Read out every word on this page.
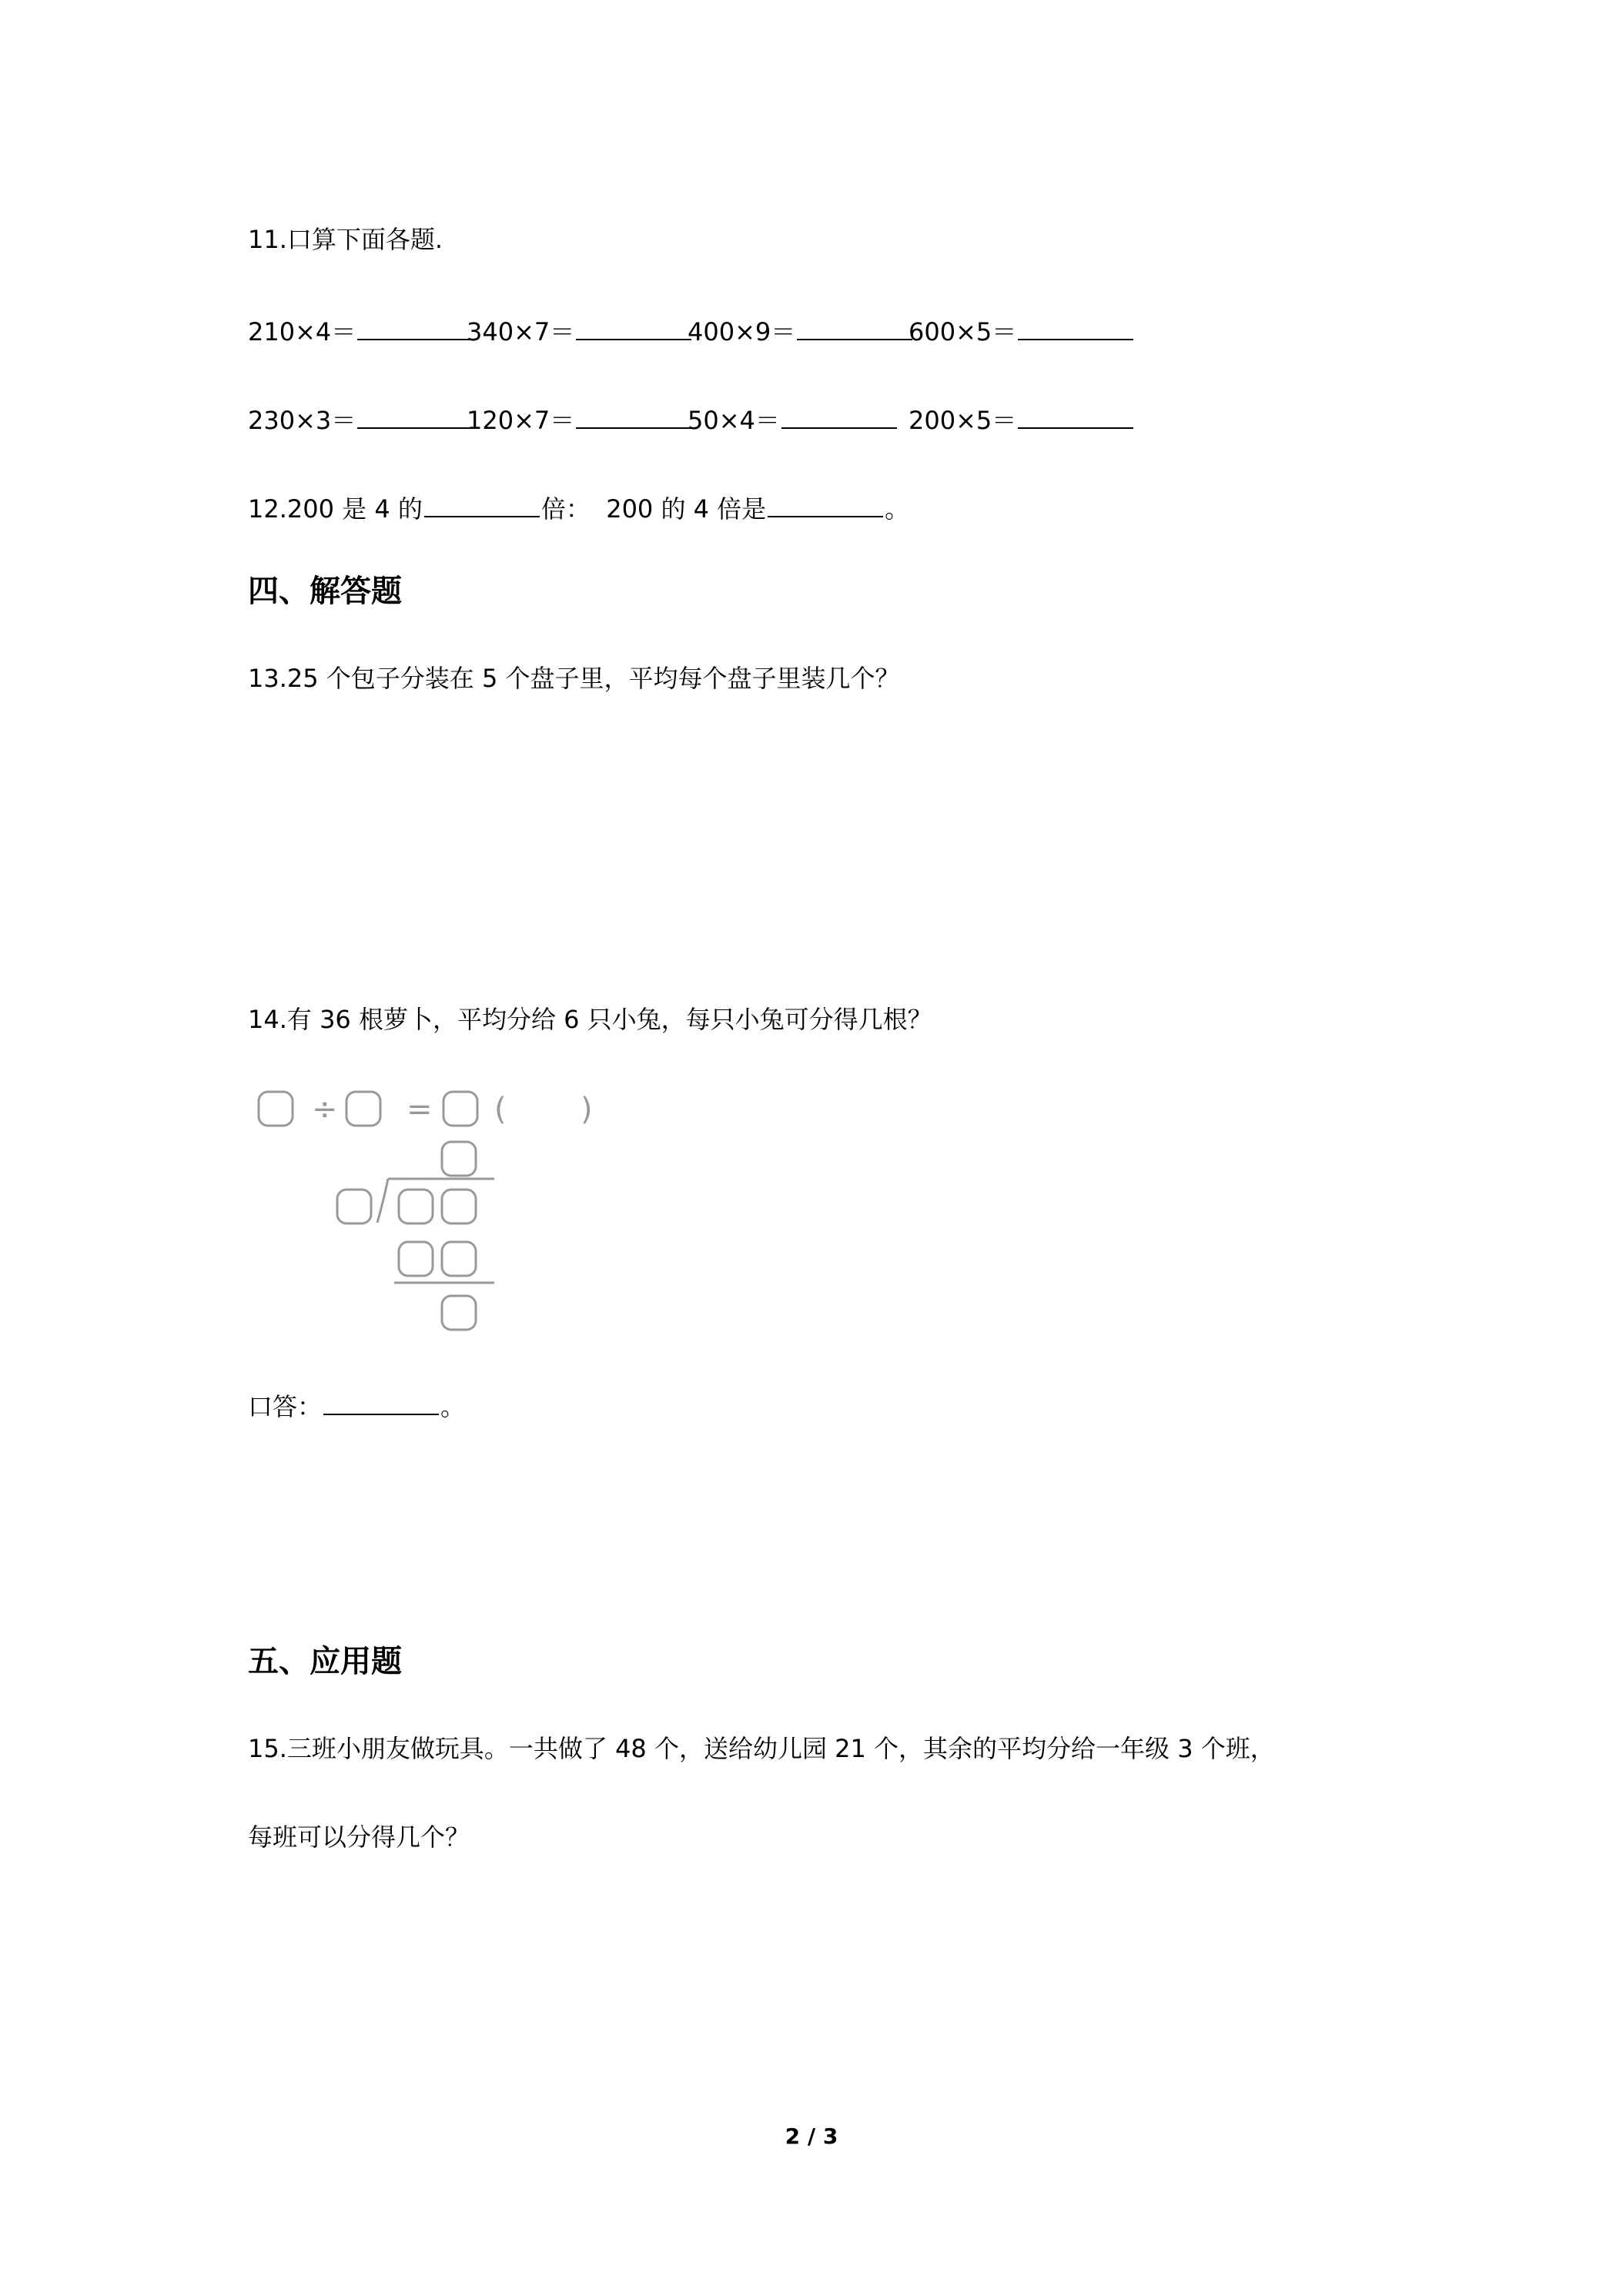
11.口算下面各题.
210×4＝	340×7＝	400×9＝	600×5＝
230×3＝	120×7＝	50×4＝	200×5＝
12.200 是 4 的	倍：  200 的 4 倍是	。
四、解答题
13.25 个包子分装在 5 个盘子里，平均每个盘子里装几个？
14.有 36 根萝卜，平均分给 6 只小兔，每只小兔可分得几根？
÷ = ( )
口答：	。
五、应用题
15.三班小朋友做玩具。一共做了 48 个，送给幼儿园 21 个，其余的平均分给一年级 3 个班，
每班可以分得几个？
2 / 3
